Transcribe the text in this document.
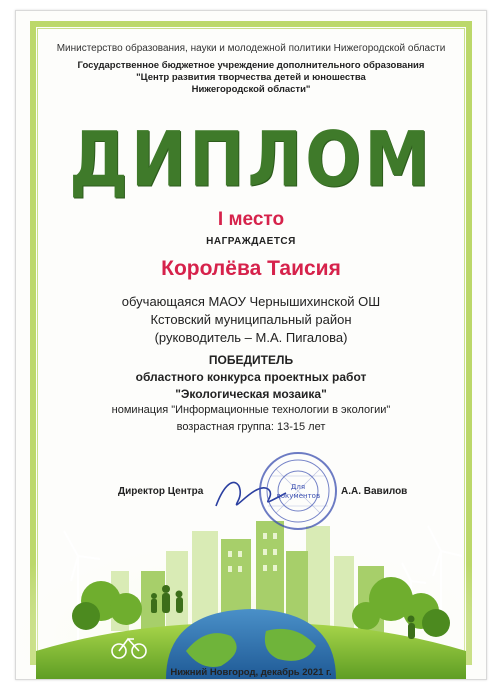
Для документов
Министерство образования, науки и молодежной политики Нижегородской области
Государственное бюджетное учреждение дополнительного образования
"Центр развития творчества детей и юношества
Нижегородской области"
ДИПЛОМ
I место
НАГРАЖДАЕТСЯ
Королёва Таисия
обучающаяся МАОУ Чернышихинской ОШ
Кстовский муниципальный район
(руководитель – М.А. Пигалова)
ПОБЕДИТЕЛЬ
областного конкурса проектных работ
"Экологическая мозаика"
номинация "Информационные технологии в экологии"
возрастная группа: 13-15 лет
Директор Центра	А.А. Вавилов
Нижний Новгород, декабрь 2021 г.
